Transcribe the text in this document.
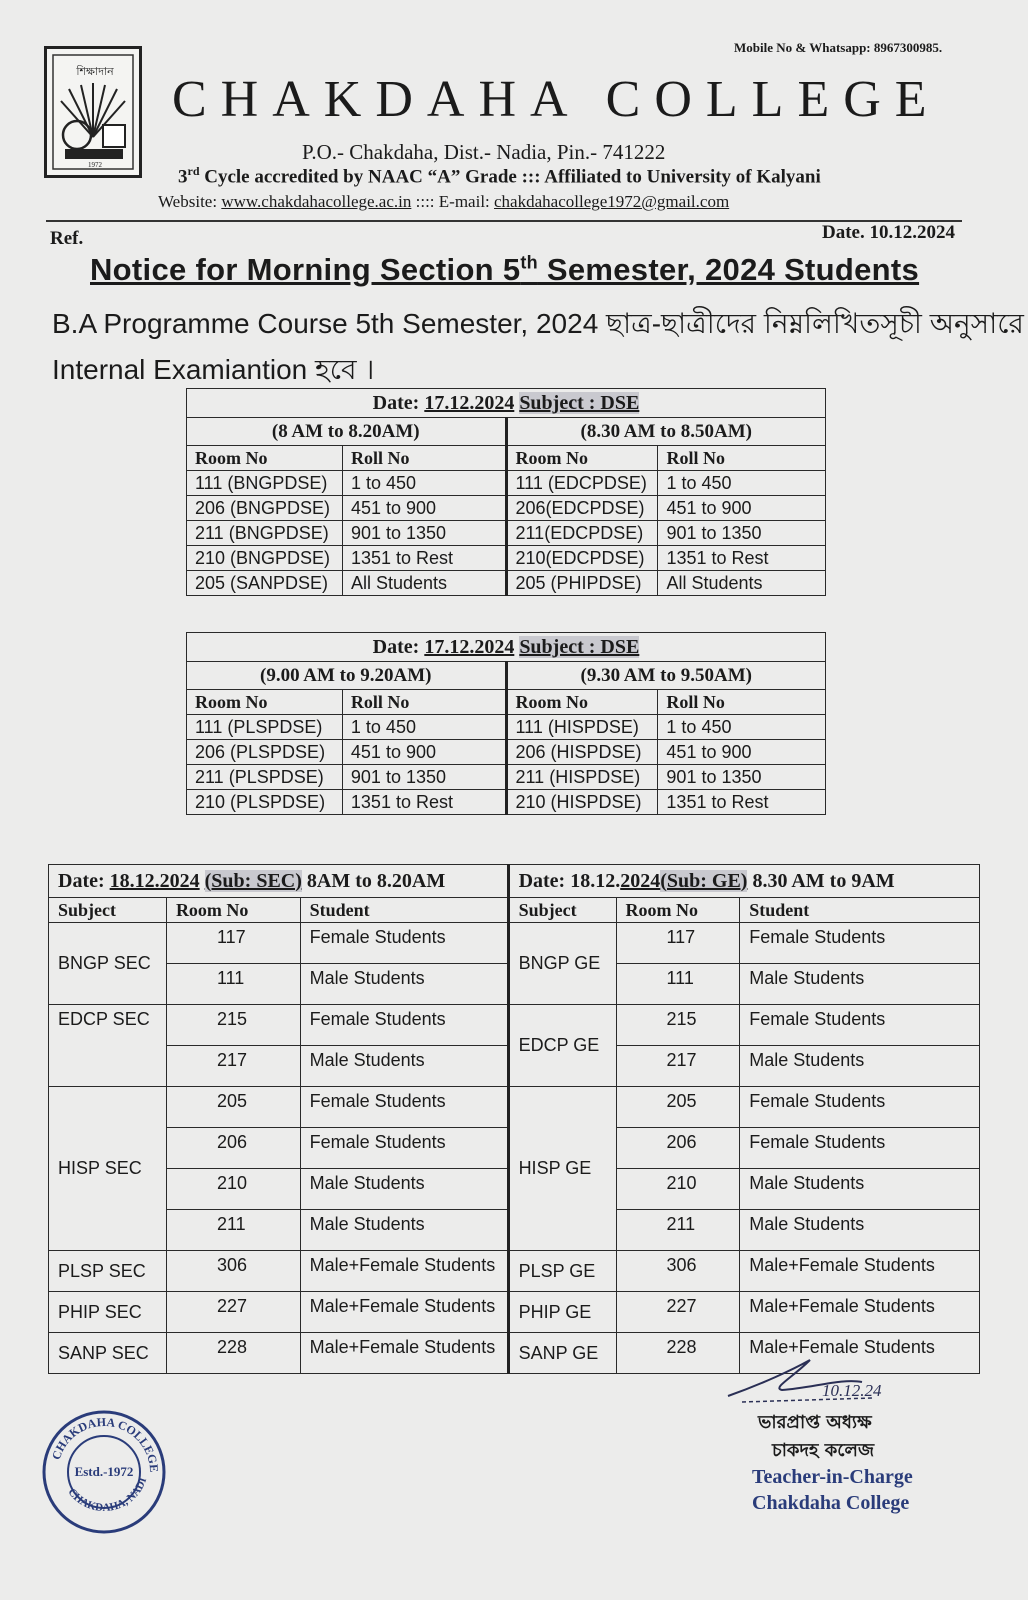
শিক্ষাদান
1972
Mobile No & Whatsapp: 8967300985.
CHAKDAHA COLLEGE
P.O.- Chakdaha, Dist.- Nadia, Pin.- 741222
3rd Cycle accredited by NAAC “A” Grade ::: Affiliated to University of Kalyani
Website: www.chakdahacollege.ac.in :::: E-mail: chakdahacollege1972@gmail.com
Ref.	Date. 10.12.2024
Notice for Morning Section 5th Semester, 2024 Students
B.A Programme Course 5th Semester, 2024 ছাত্র-ছাত্রীদের নিম্নলিখিতসূচী অনুসারে
Internal Examiantion হবে ।
Date: 17.12.2024 Subject : DSE			
(8 AM to 8.20AM)		(8.30 AM to 8.50AM)	
Room No	Roll No	Room No	Roll No
111 (BNGPDSE)	1 to 450	111 (EDCPDSE)	1 to 450
206 (BNGPDSE)	451 to 900	206(EDCPDSE)	451 to 900
211 (BNGPDSE)	901 to 1350	211(EDCPDSE)	901 to 1350
210 (BNGPDSE)	1351 to Rest	210(EDCPDSE)	1351 to Rest
205 (SANPDSE)	All Students	205 (PHIPDSE)	All Students
Date: 17.12.2024 Subject : DSE			
(9.00 AM to 9.20AM)		(9.30 AM to 9.50AM)	
Room No	Roll No	Room No	Roll No
111 (PLSPDSE)	1 to 450	111 (HISPDSE)	1 to 450
206 (PLSPDSE)	451 to 900	206 (HISPDSE)	451 to 900
211 (PLSPDSE)	901 to 1350	211 (HISPDSE)	901 to 1350
210 (PLSPDSE)	1351 to Rest	210 (HISPDSE)	1351 to Rest
Date: 18.12.2024 (Sub: SEC) 8AM to 8.20AM			Date: 18.12.2024(Sub: GE) 8.30 AM to 9AM		
Subject	Room No	Student	Subject	Room No	Student
BNGP SEC	117	Female Students	BNGP GE	117	Female Students
	111	Male Students		111	Male Students
EDCP SEC	215	Female Students	EDCP GE	215	Female Students
	217	Male Students		217	Male Students
HISP SEC	205	Female Students	HISP GE	205	Female Students
	206	Female Students		206	Female Students
	210	Male Students		210	Male Students
	211	Male Students		211	Male Students
PLSP SEC	306	Male+Female Students	PLSP GE	306	Male+Female Students
PHIP SEC	227	Male+Female Students	PHIP GE	227	Male+Female Students
SANP SEC	228	Male+Female Students	SANP GE	228	Male+Female Students
10.12.24
ভারপ্রাপ্ত অধ্যক্ষ
চাকদহ কলেজ
Teacher-in-Charge
Chakdaha College
CHAKDAHA COLLEGE
CHAKDAHA, NADI
Estd.-1972
